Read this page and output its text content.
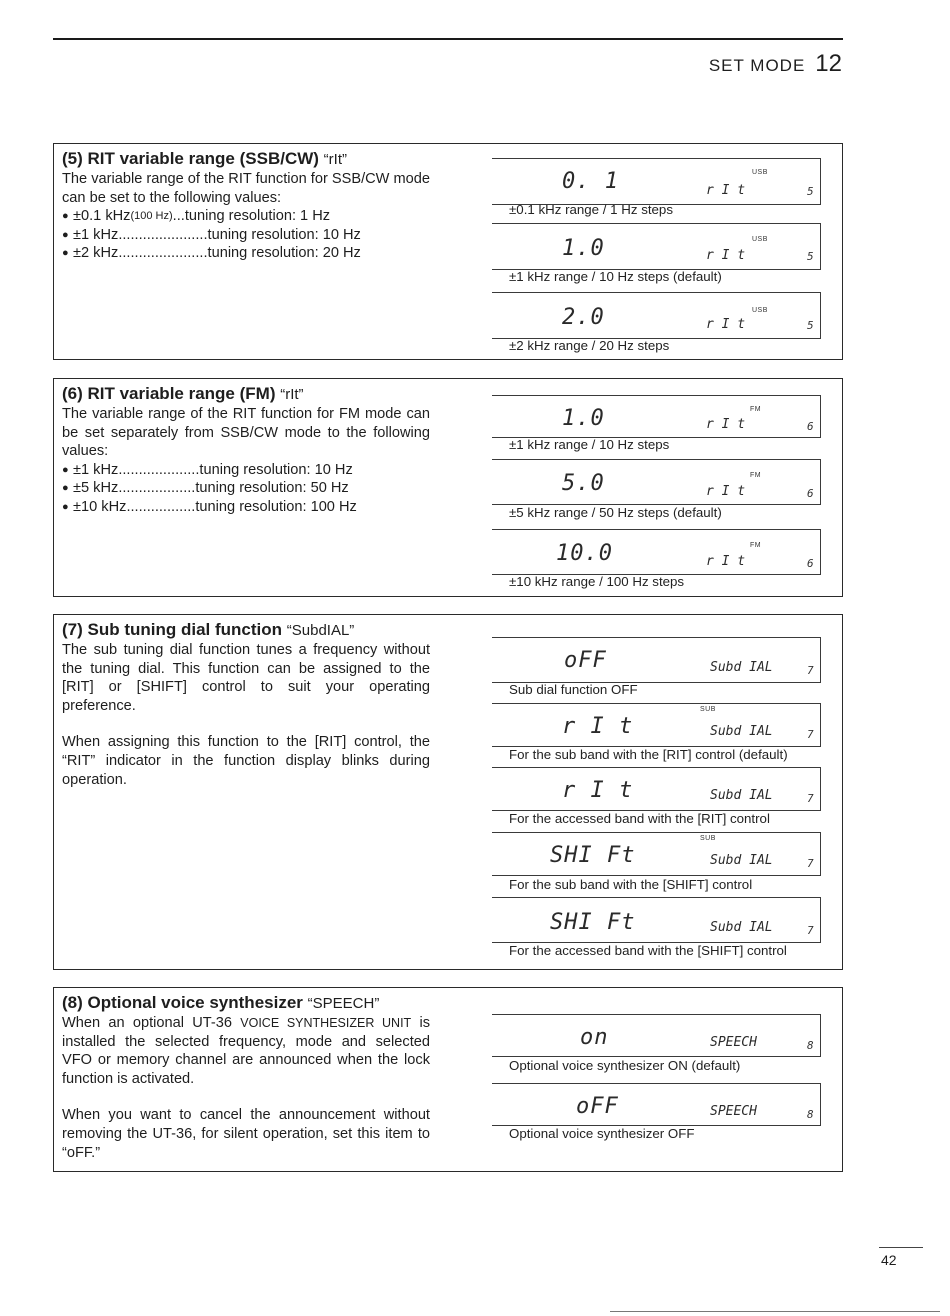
SET MODE 12
(5) RIT variable range (SSB/CW) “rIt”

The variable range of the RIT function for SSB/CW mode can be set to the following values:

● ±0.1 kHz (100 Hz) ... tuning resolution: 1 Hz
● ±1 kHz ...................... tuning resolution: 10 Hz
● ±2 kHz ...................... tuning resolution: 20 Hz
0. 1	r I t
USB
5
±0.1 kHz range / 1 Hz steps
1.0	r I t
USB
5
±1 kHz range / 10 Hz steps (default)
2.0	r I t
USB
5
±2 kHz range / 20 Hz steps
(6) RIT variable range (FM) “rIt”

The variable range of the RIT function for FM mode can be set separately from SSB/CW mode to the following values:

● ±1 kHz .................... tuning resolution: 10 Hz
● ±5 kHz ................... tuning resolution: 50 Hz
● ±10 kHz ................. tuning resolution: 100 Hz
1.0	r I t
FM
6
±1 kHz range / 10 Hz steps
5.0	r I t
FM
6
±5 kHz range / 50 Hz steps (default)
10.0	r I t
FM
6
±10 kHz range / 100 Hz steps
(7) Sub tuning dial function “SubdIAL”

The sub tuning dial function tunes a frequency without the tuning dial. This function can be assigned to the [RIT] or [SHIFT] control to suit your operating preference.

When assigning this function to the [RIT] control, the “RIT” indicator in the function display blinks during operation.

oFF	Subd IAL	7
Sub dial function OFF
SUB
r I t	Subd IAL	7
For the sub band with the [RIT] control (default)
r I t	Subd IAL	7
For the accessed band with the [RIT] control
SUB
SHI Ft	Subd IAL	7
For the sub band with the [SHIFT] control
SHI Ft	Subd IAL	7
For the accessed band with the [SHIFT] control
(8) Optional voice synthesizer “SPEECH”

When an optional UT-36 VOICE SYNTHESIZER UNIT is installed the selected frequency, mode and selected VFO or memory channel are announced when the lock function is activated.

When you want to cancel the announcement without removing the UT-36, for silent operation, set this item to “oFF.”

on	SPEECH	8
Optional voice synthesizer ON (default)
oFF	SPEECH	8
Optional voice synthesizer OFF
42
